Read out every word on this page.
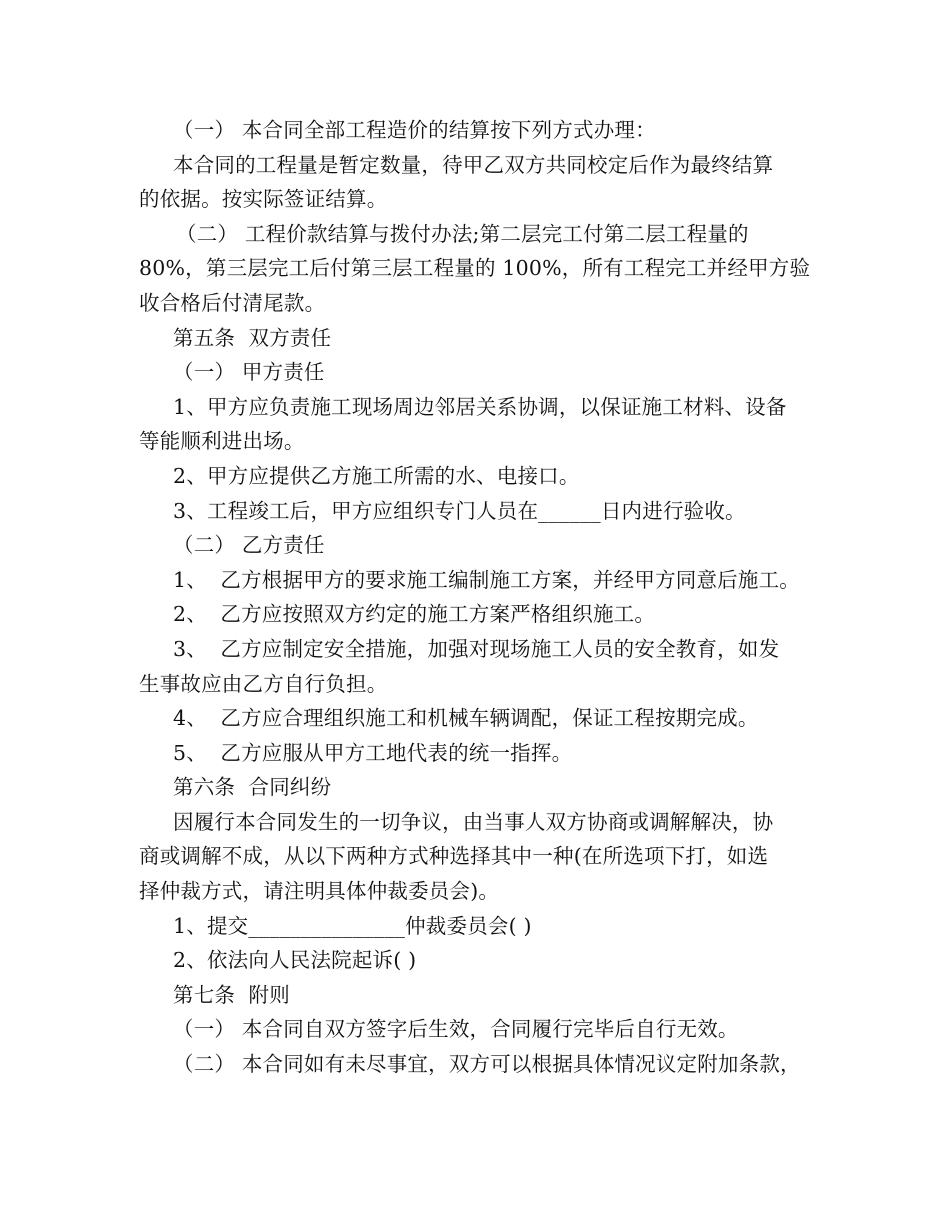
（一） 本合同全部工程造价的结算按下列方式办理：
本合同的工程量是暂定数量，待甲乙双方共同校定后作为最终结算
的依据。按实际签证结算。
（二） 工程价款结算与拨付办法;第二层完工付第二层工程量的
80%，第三层完工后付第三层工程量的 100%，所有工程完工并经甲方验
收合格后付清尾款。
第五条  双方责任
（一） 甲方责任
1、甲方应负责施工现场周边邻居关系协调，以保证施工材料、设备
等能顺利进出场。
2、甲方应提供乙方施工所需的水、电接口。
3、工程竣工后，甲方应组织专门人员在______日内进行验收。
（二） 乙方责任
1、  乙方根据甲方的要求施工编制施工方案，并经甲方同意后施工。
2、  乙方应按照双方约定的施工方案严格组织施工。
3、  乙方应制定安全措施，加强对现场施工人员的安全教育，如发
生事故应由乙方自行负担。
4、  乙方应合理组织施工和机械车辆调配，保证工程按期完成。
5、  乙方应服从甲方工地代表的统一指挥。
第六条  合同纠纷
因履行本合同发生的一切争议，由当事人双方协商或调解解决，协
商或调解不成，从以下两种方式种选择其中一种(在所选项下打，如选
择仲裁方式，请注明具体仲裁委员会)。
1、提交_______________仲裁委员会( )
2、依法向人民法院起诉( )
第七条  附则
（一） 本合同自双方签字后生效，合同履行完毕后自行无效。
（二） 本合同如有未尽事宜，双方可以根据具体情况议定附加条款，
